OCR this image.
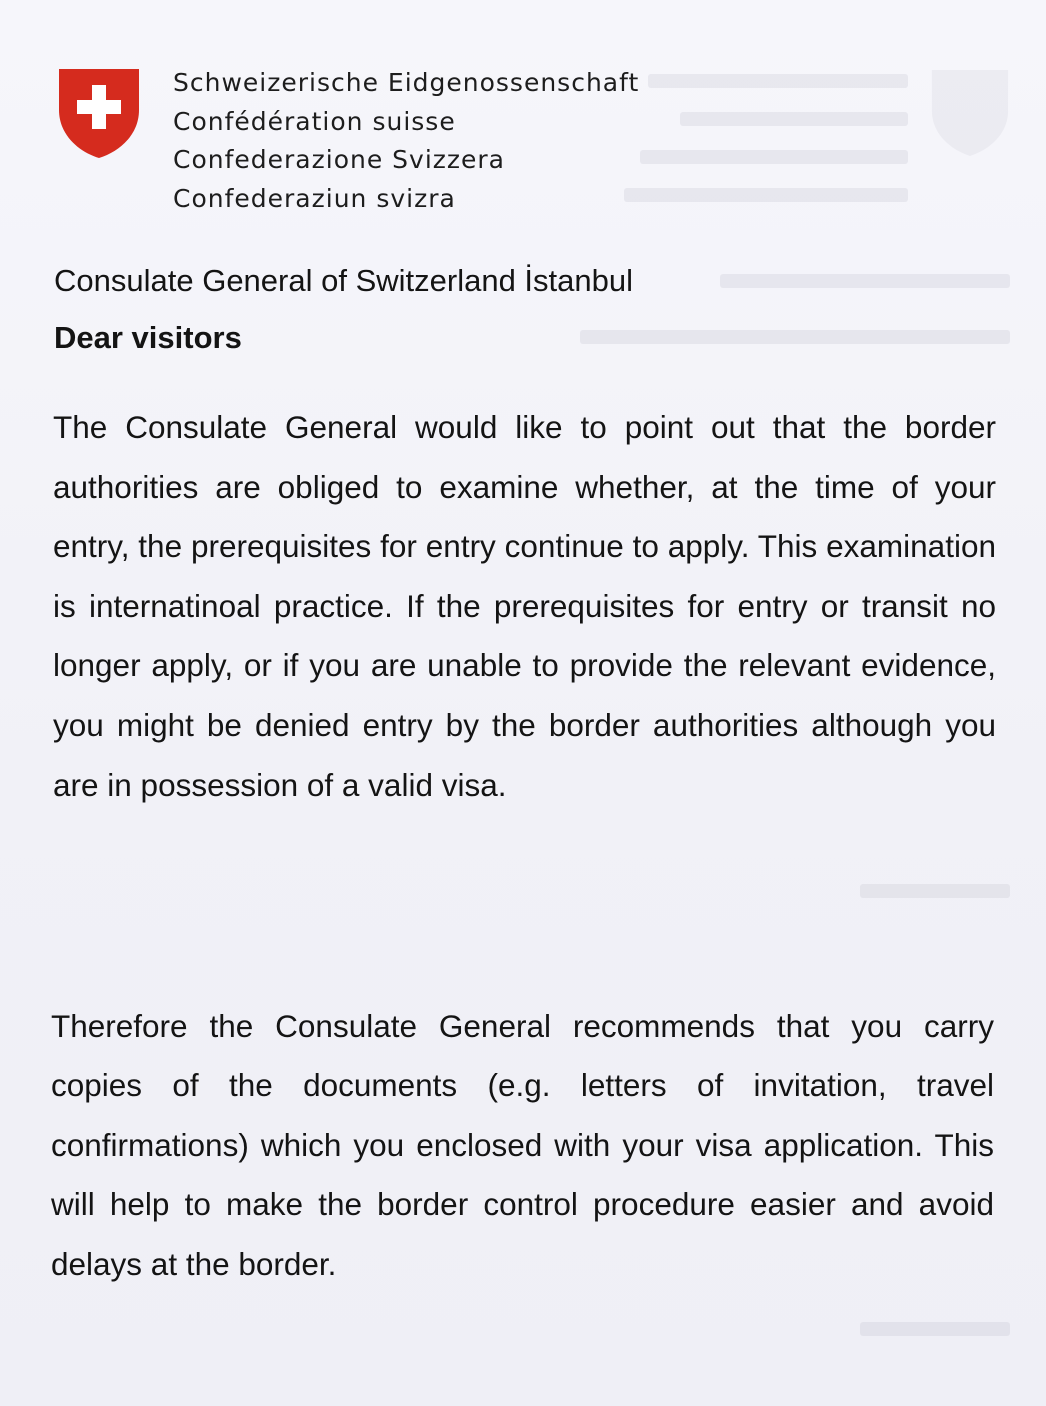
Schweizerische Eidgenossenschaft
Confédération suisse
Confederazione Svizzera
Confederaziun svizra
Consulate General of Switzerland İstanbul
Dear visitors

The Consulate General would like to point out that the border authorities are obliged to examine whether, at the time of your entry, the prerequisites for entry continue to apply. This examination is internatinoal practice. If the prerequisites for entry or transit no longer apply, or if you are unable to provide the relevant evidence, you might be denied entry by the border authorities although you are in possession of a valid visa.

Therefore the Consulate General recommends that you carry copies of the documents (e.g. letters of invitation, travel confirmations) which you enclosed with your visa application. This will help to make the border control procedure easier and avoid delays at the border.
